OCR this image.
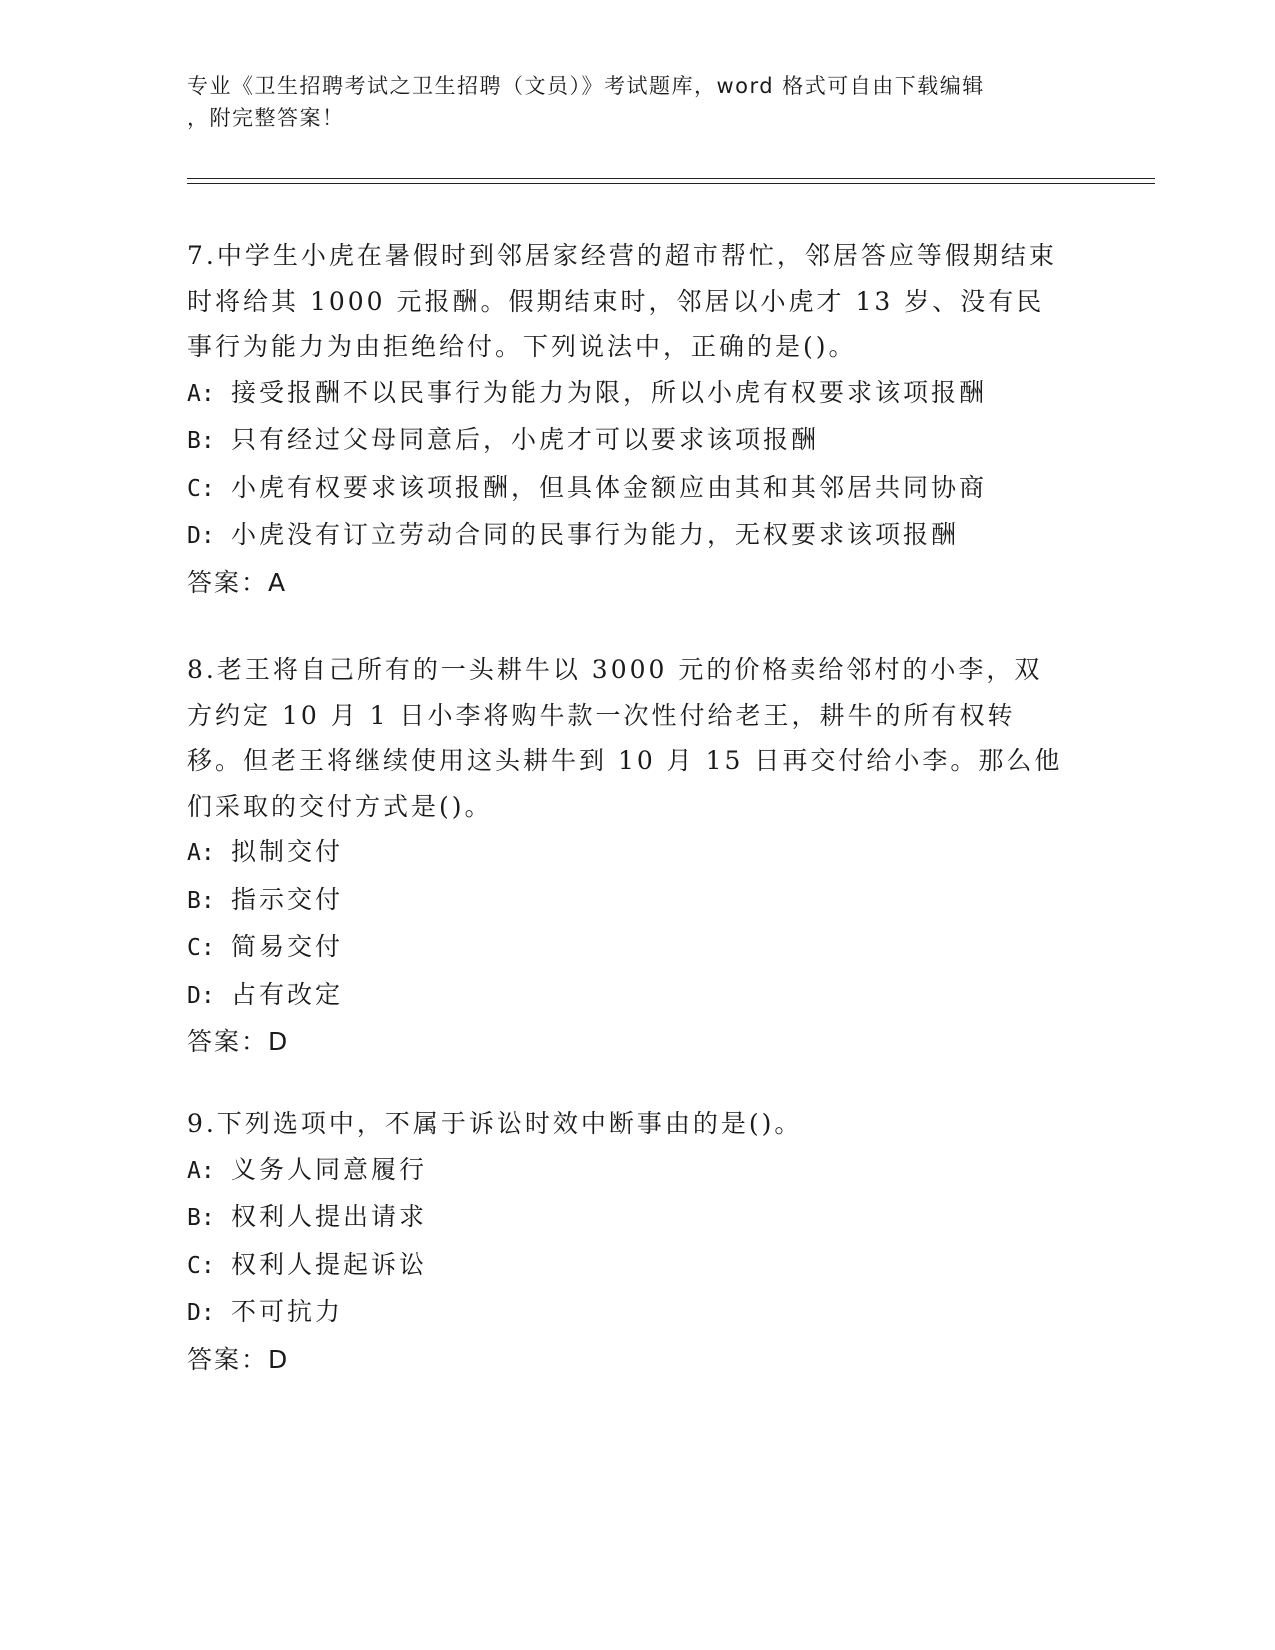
专业《卫生招聘考试之卫生招聘（文员）》考试题库，word 格式可自由下载编辑
，附完整答案！
7.中学生小虎在暑假时到邻居家经营的超市帮忙，邻居答应等假期结束时将给其 1000 元报酬。假期结束时，邻居以小虎才 13 岁、没有民事行为能力为由拒绝给付。下列说法中，正确的是()。
A: 接受报酬不以民事行为能力为限，所以小虎有权要求该项报酬
B: 只有经过父母同意后，小虎才可以要求该项报酬
C: 小虎有权要求该项报酬，但具体金额应由其和其邻居共同协商
D: 小虎没有订立劳动合同的民事行为能力，无权要求该项报酬
答案：A
8.老王将自己所有的一头耕牛以 3000 元的价格卖给邻村的小李，双方约定 10 月 1 日小李将购牛款一次性付给老王，耕牛的所有权转移。但老王将继续使用这头耕牛到 10 月 15 日再交付给小李。那么他们采取的交付方式是()。
A: 拟制交付
B: 指示交付
C: 简易交付
D: 占有改定
答案：D
9.下列选项中，不属于诉讼时效中断事由的是()。
A: 义务人同意履行
B: 权利人提出请求
C: 权利人提起诉讼
D: 不可抗力
答案：D
